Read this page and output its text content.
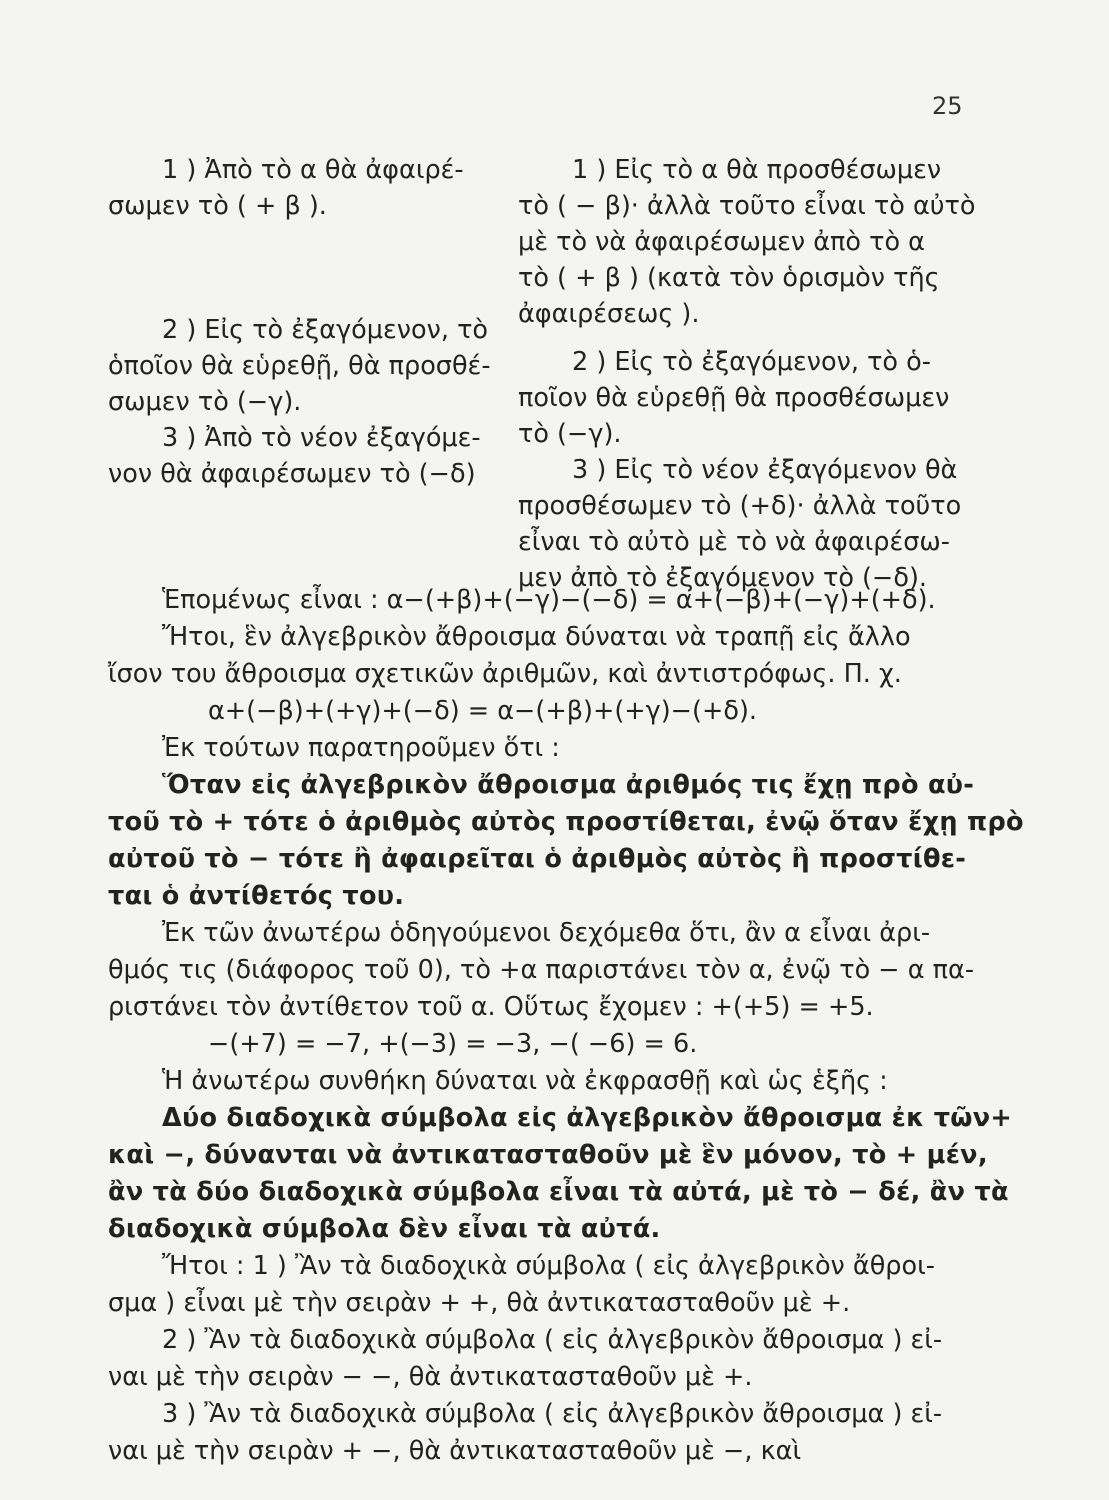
25

1 ) Ἀπὸ τὸ α θὰ ἀφαιρέ-

σωμεν τὸ ( + β ).

2 ) Εἰς τὸ ἐξαγόμενον, τὸ

ὁποῖον θὰ εὑρεθῇ, θὰ προσθέ-

σωμεν τὸ (−γ).

3 ) Ἀπὸ τὸ νέον ἐξαγόμε-

νον θὰ ἀφαιρέσωμεν τὸ (−δ)

1 ) Εἰς τὸ α θὰ προσθέσωμεν

τὸ ( − β)· ἀλλὰ τοῦτο εἶναι τὸ αὐτὸ

μὲ τὸ νὰ ἀφαιρέσωμεν ἀπὸ τὸ α

τὸ ( + β ) (κατὰ τὸν ὁρισμὸν τῆς

ἀφαιρέσεως ).

2 ) Εἰς τὸ ἐξαγόμενον, τὸ ὁ-

ποῖον θὰ εὑρεθῇ θὰ προσθέσωμεν

τὸ (−γ).

3 ) Εἰς τὸ νέον ἐξαγόμενον θὰ

προσθέσωμεν τὸ (+δ)· ἀλλὰ τοῦτο

εἶναι τὸ αὐτὸ μὲ τὸ νὰ ἀφαιρέσω-

μεν ἀπὸ τὸ ἐξαγόμενον τὸ (−δ).

Ἑπομένως εἶναι : α−(+β)+(−γ)−(−δ) = α+(−β)+(−γ)+(+δ).

Ἤτοι, ἓν ἀλγεβρικὸν ἄθροισμα δύναται νὰ τραπῇ εἰς ἄλλο

ἴσον του ἄθροισμα σχετικῶν ἀριθμῶν, καὶ ἀντιστρόφως. Π. χ.

α+(−β)+(+γ)+(−δ) = α−(+β)+(+γ)−(+δ).

Ἐκ τούτων παρατηροῦμεν ὅτι :

Ὅταν εἰς ἀλγεβρικὸν ἄθροισμα ἀριθμός τις ἔχῃ πρὸ αὐ-

τοῦ τὸ + τότε ὁ ἀριθμὸς αὐτὸς προστίθεται, ἐνῷ ὅταν ἔχῃ πρὸ

αὐτοῦ τὸ − τότε ἢ ἀφαιρεῖται ὁ ἀριθμὸς αὐτὸς ἢ προστίθε-

ται ὁ ἀντίθετός του.

Ἐκ τῶν ἀνωτέρω ὁδηγούμενοι δεχόμεθα ὅτι, ἂν α εἶναι ἀρι-

θμός τις (διάφορος τοῦ 0), τὸ +α παριστάνει τὸν α, ἐνῷ τὸ − α πα-

ριστάνει τὸν ἀντίθετον τοῦ α. Οὕτως ἔχομεν : +(+5) = +5.

−(+7) = −7, +(−3) = −3, −( −6) = 6.

Ἡ ἀνωτέρω συνθήκη δύναται νὰ ἐκφρασθῇ καὶ ὡς ἑξῆς :

Δύο διαδοχικὰ σύμβολα εἰς ἀλγεβρικὸν ἄθροισμα ἐκ τῶν+

καὶ −, δύνανται νὰ ἀντικατασταθοῦν μὲ ἓν μόνον, τὸ + μέν,

ἂν τὰ δύο διαδοχικὰ σύμβολα εἶναι τὰ αὐτά, μὲ τὸ − δέ, ἂν τὰ

διαδοχικὰ σύμβολα δὲν εἶναι τὰ αὐτά.

Ἤτοι : 1 ) Ἂν τὰ διαδοχικὰ σύμβολα ( εἰς ἀλγεβρικὸν ἄθροι-

σμα ) εἶναι μὲ τὴν σειρὰν + +, θὰ ἀντικατασταθοῦν μὲ +.

2 ) Ἂν τὰ διαδοχικὰ σύμβολα ( εἰς ἀλγεβρικὸν ἄθροισμα ) εἰ-

ναι μὲ τὴν σειρὰν − −, θὰ ἀντικατασταθοῦν μὲ +.

3 ) Ἂν τὰ διαδοχικὰ σύμβολα ( εἰς ἀλγεβρικὸν ἄθροισμα ) εἰ-

ναι μὲ τὴν σειρὰν + −, θὰ ἀντικατασταθοῦν μὲ −, καὶ
